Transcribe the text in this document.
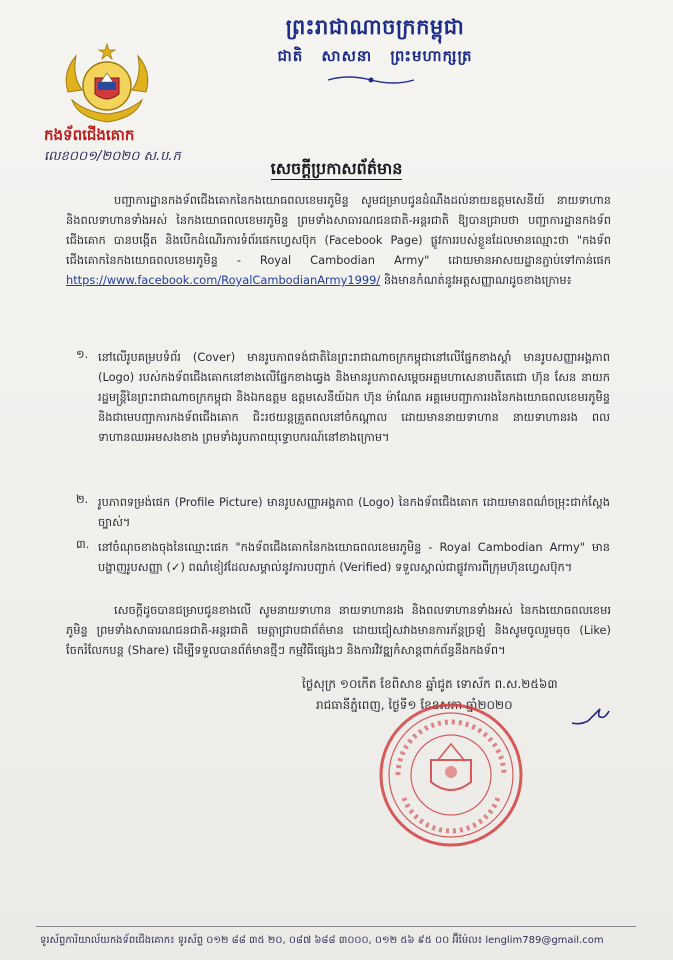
ព្រះរាជាណាចក្រកម្ពុជា
ជាតិ សាសនា ព្រះមហាក្សត្រ
កងទ័ពជើងគោក
លេខ០០១/២០២០ ស.ប.ក
សេចក្តីប្រកាសព័ត៌មាន
បញ្ជាការដ្ឋានកងទ័ពជើងគោកនៃកងយោធពលខេមរភូមិន្ទ សូមជម្រាបជូនដំណឹងដល់នាយឧត្តមសេនីយ៍ នាយទាហាន និងពលទាហានទាំងអស់ នៃកងយោធពលខេមរភូមិន្ទ ព្រមទាំងសាធារណជនជាតិ-អន្តរជាតិ ឱ្យបានជ្រាបថា បញ្ជាការដ្ឋានកងទ័ពជើងគោក បានបង្កើត និងបើកដំណើរការទំព័រផេកហ្វេសប៊ុក (Facebook Page) ផ្លូវការរបស់ខ្លួនដែលមានឈ្មោះថា "កងទ័ពជើងគោកនៃកងយោធពលខេមរភូមិន្ទ - Royal Cambodian Army" ដោយមានអាសយដ្ឋានភ្ជាប់ទៅកាន់ផេក https://www.facebook.com/RoyalCambodianArmy1999/ និងមានកំណត់នូវអត្តសញ្ញាណដូចខាងក្រោម៖
១. នៅលើរូបគម្របទំព័រ (Cover) មានរូបភាពទង់ជាតិនៃព្រះរាជាណាចក្រកម្ពុជានៅលើផ្នែកខាងស្តាំ មានរូបសញ្ញាអង្គភាព (Logo) របស់កងទ័ពជើងគោកនៅខាងលើផ្នែកខាងឆ្វេង និងមានរូបភាពសម្តេចអគ្គមហាសេនាបតីតេជោ ហ៊ុន សែន នាយករដ្ឋមន្ត្រីនៃព្រះរាជាណាចក្រកម្ពុជា និងឯកឧត្តម ឧត្តមសេនីយ៍ឯក ហ៊ុន ម៉ាណែត អគ្គមេបញ្ជាការរងនៃកងយោធពលខេមរភូមិន្ទ និងជាមេបញ្ជាការកងទ័ពជើងគោក ជិះរថយន្តគ្រួតពលនៅចំកណ្តាល ដោយមាននាយទាហាន នាយទាហានរង ពលទាហានឈរអមសងខាង ព្រមទាំងរូបភាពយុទ្ធោបករណ៍នៅខាងក្រោម។
២. រូបភាពទម្រង់ផេក (Profile Picture) មានរូបសញ្ញាអង្គភាព (Logo) នៃកងទ័ពជើងគោក ដោយមានពណ៌ចម្រុះជាក់ស្តែងច្បាស់។
៣. នៅចំណុចខាងចុងនៃឈ្មោះផេក "កងទ័ពជើងគោកនៃកងយោធពលខេមរភូមិន្ទ - Royal Cambodian Army" មានបង្ហាញរូបសញ្ញា (✓) ពណ៌ខៀវដែលសម្គាល់នូវការបញ្ជាក់ (Verified) ទទួលស្គាល់ជាផ្លូវការពីក្រុមហ៊ុនហ្វេសប៊ុក។
សេចក្តីដូចបានជម្រាបជូនខាងលើ សូមនាយទាហាន នាយទាហានរង និងពលទាហានទាំងអស់ នៃកងយោធពលខេមរភូមិន្ទ ព្រមទាំងសាធារណជនជាតិ-អន្តរជាតិ មេត្តាជ្រាបជាព័ត៌មាន ដោយជៀសវាងមានការភ័ន្តច្រឡំ និងសូមចូលរួមចុច (Like) ចែករំលែកបន្ត (Share) ដើម្បីទទួលបានព័ត៌មានថ្មីៗ កម្មវិធីផ្សេងៗ និងការវិវឌ្ឍកំសាន្តពាក់ព័ន្ធនឹងកងទ័ព។
ថ្ងៃសុក្រ ១០កើត ខែពិសាខ ឆ្នាំជូត ទោស័ក ព.ស.២៥៦៣
រាជធានីភ្នំពេញ, ថ្ងៃទី១ ខែឧសភា ឆ្នាំ២០២០
ទូរស័ព្ទការិយាល័យកងទ័ពជើងគោក៖ ទូរស័ព្ទ ០១២ ៨៨ ៣៥ ២០, ០៨៧ ៦៨៨ ៣០០០, ០១២ ៥៦ ៩៥ ០០ អ៊ីម៉ែល៖ lenglim789@gmail.com
